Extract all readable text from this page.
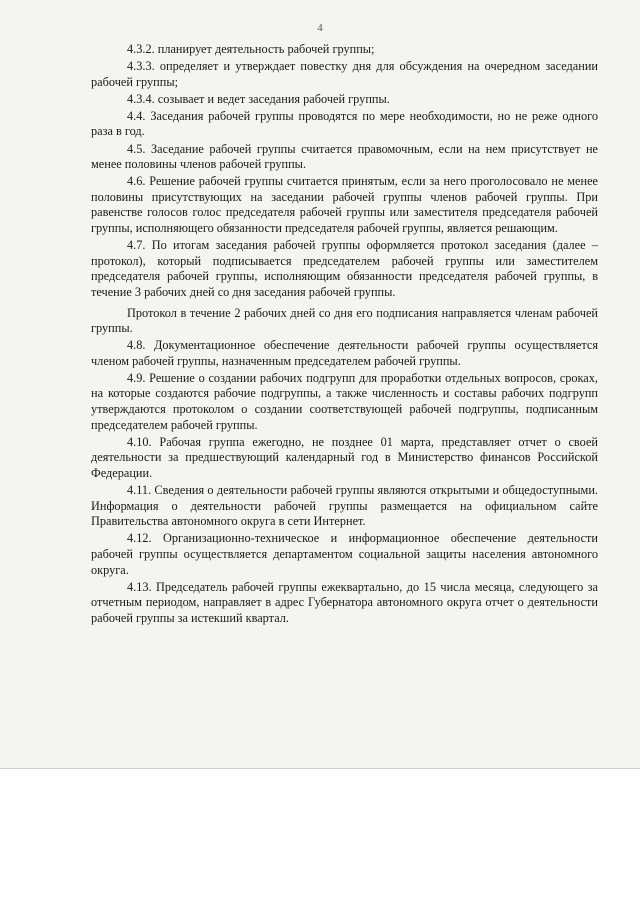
4

4.3.2. планирует деятельность рабочей группы;

4.3.3. определяет и утверждает повестку дня для обсуждения на очередном заседании рабочей группы;

4.3.4. созывает и ведет заседания рабочей группы.

4.4. Заседания рабочей группы проводятся по мере необходимости, но не реже одного раза в год.

4.5. Заседание рабочей группы считается правомочным, если на нем присутствует не менее половины членов рабочей группы.

4.6. Решение рабочей группы считается принятым, если за него проголосовало не менее половины присутствующих на заседании рабочей группы членов рабочей группы. При равенстве голосов голос председателя рабочей группы или заместителя председателя рабочей группы, исполняющего обязанности председателя рабочей группы, является решающим.

4.7. По итогам заседания рабочей группы оформляется протокол заседания (далее – протокол), который подписывается председателем рабочей группы или заместителем председателя рабочей группы, исполняющим обязанности председателя рабочей группы, в течение 3 рабочих дней со дня заседания рабочей группы.

Протокол в течение 2 рабочих дней со дня его подписания направляется членам рабочей группы.

4.8. Документационное обеспечение деятельности рабочей группы осуществляется членом рабочей группы, назначенным председателем рабочей группы.

4.9. Решение о создании рабочих подгрупп для проработки отдельных вопросов, сроках, на которые создаются рабочие подгруппы, а также численность и составы рабочих подгрупп утверждаются протоколом о создании соответствующей рабочей подгруппы, подписанным председателем рабочей группы.

4.10. Рабочая группа ежегодно, не позднее 01 марта, представляет отчет о своей деятельности за предшествующий календарный год в Министерство финансов Российской Федерации.

4.11. Сведения о деятельности рабочей группы являются открытыми и общедоступными. Информация о деятельности рабочей группы размещается на официальном сайте Правительства автономного округа в сети Интернет.

4.12. Организационно-техническое и информационное обеспечение деятельности рабочей группы осуществляется департаментом социальной защиты населения автономного округа.

4.13. Председатель рабочей группы ежеквартально, до 15 числа месяца, следующего за отчетным периодом, направляет в адрес Губернатора автономного округа отчет о деятельности рабочей группы за истекший квартал.
